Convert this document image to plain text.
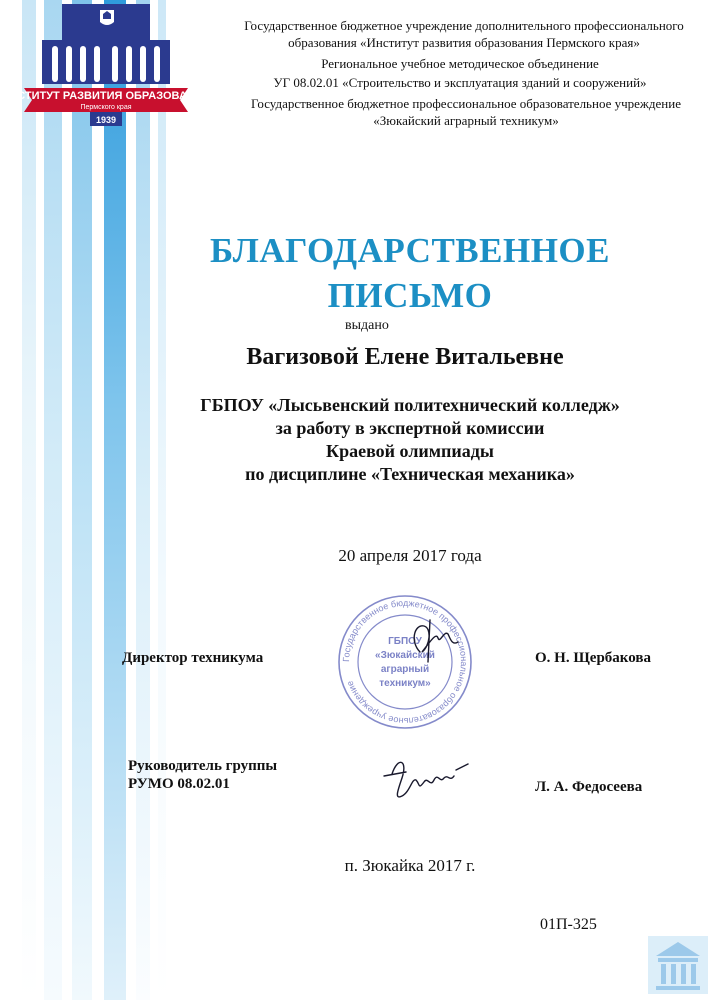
ИНСТИТУТ РАЗВИТИЯ ОБРАЗОВАНИЯ
Пермского края
1939
Государственное бюджетное учреждение дополнительного профессионального
образования «Институт развития образования Пермского края»
Региональное учебное методическое объединение
УГ 08.02.01 «Строительство и эксплуатация зданий и сооружений»
Государственное бюджетное профессиональное образовательное учреждение
«Зюкайский аграрный техникум»
БЛАГОДАРСТВЕННОЕ
ПИСЬМО
выдано
Вагизовой Елене Витальевне
ГБПОУ «Лысьвенский политехнический колледж»
за работу в экспертной комиссии
Краевой олимпиады
по дисциплине «Техническая механика»
20 апреля 2017 года
Государственное бюджетное профессиональное образовательное учреждение
ГБПОУ
«Зюкайский
аграрный
техникум»
Директор техникума	О. Н. Щербакова
Руководитель группы
РУМО 08.02.01	Л. А. Федосеева
п. Зюкайка 2017 г.
01П-325
